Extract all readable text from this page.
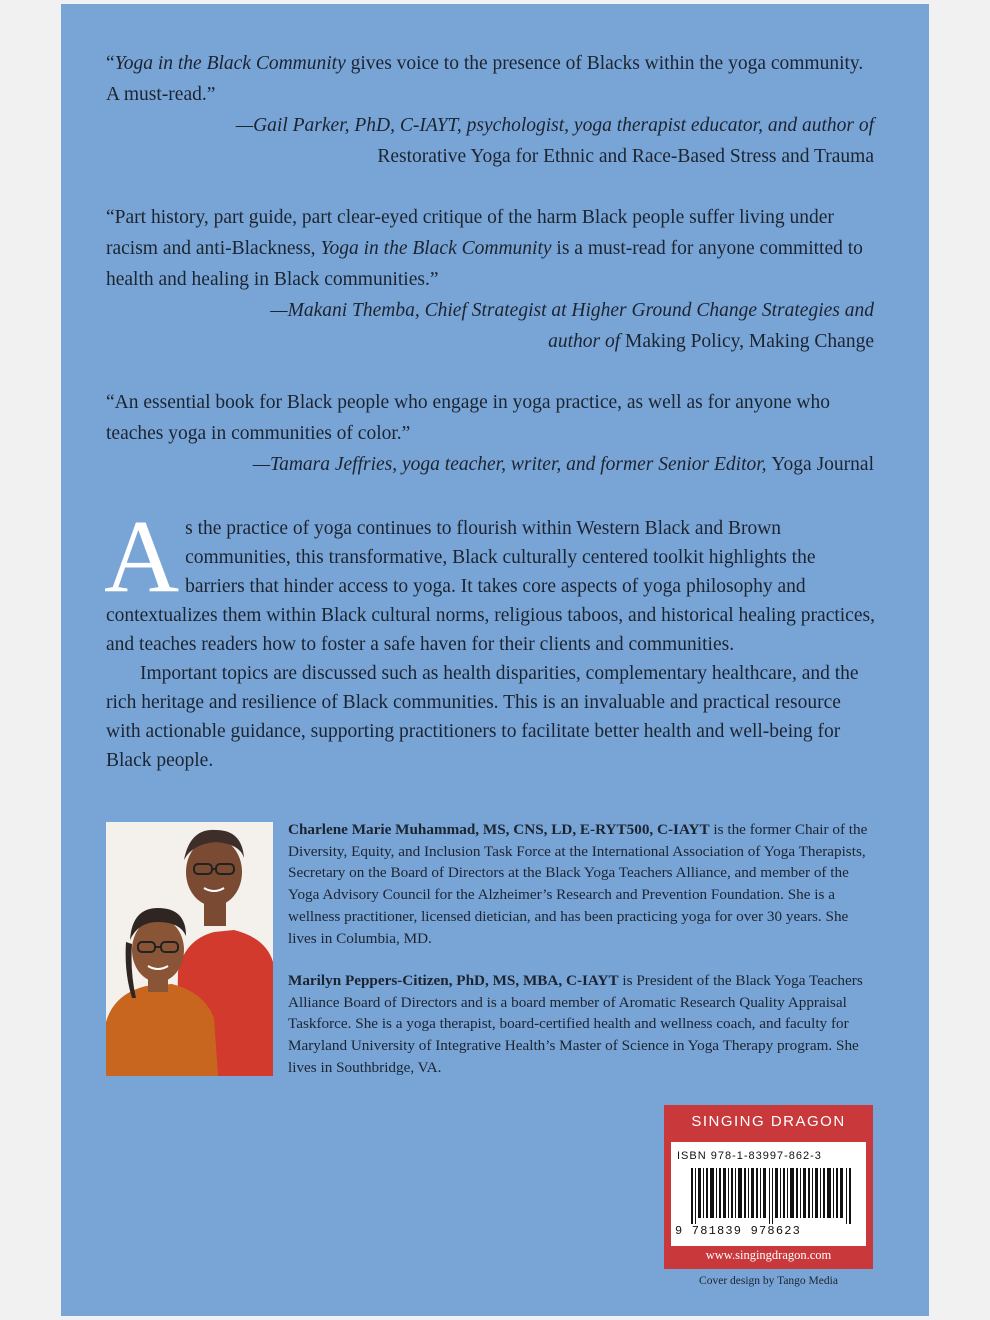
“Yoga in the Black Community gives voice to the presence of Blacks within the yoga community. A must-read.”

—Gail Parker, PhD, C-IAYT, psychologist, yoga therapist educator, and author of

Restorative Yoga for Ethnic and Race-Based Stress and Trauma

“Part history, part guide, part clear-eyed critique of the harm Black people suffer living under racism and anti-Blackness, Yoga in the Black Community is a must-read for anyone committed to health and healing in Black communities.”

—Makani Themba, Chief Strategist at Higher Ground Change Strategies and

author of Making Policy, Making Change

“An essential book for Black people who engage in yoga practice, as well as for anyone who teaches yoga in communities of color.”

—Tamara Jeffries, yoga teacher, writer, and former Senior Editor, Yoga Journal

As the practice of yoga continues to flourish within Western Black and Brown communities, this transformative, Black culturally centered toolkit highlights the barriers that hinder access to yoga. It takes core aspects of yoga philosophy and contextualizes them within Black cultural norms, religious taboos, and historical healing practices, and teaches readers how to foster a safe haven for their clients and communities.

Important topics are discussed such as health disparities, complementary healthcare, and the rich heritage and resilience of Black communities. This is an invaluable and practical resource with actionable guidance, supporting practitioners to facilitate better health and well-being for Black people.

Charlene Marie Muhammad, MS, CNS, LD, E-RYT500, C-IAYT is the former Chair of the Diversity, Equity, and Inclusion Task Force at the International Association of Yoga Therapists, Secretary on the Board of Directors at the Black Yoga Teachers Alliance, and member of the Yoga Advisory Council for the Alzheimer’s Research and Prevention Foundation. She is a wellness practitioner, licensed dietician, and has been practicing yoga for over 30 years. She lives in Columbia, MD.

Marilyn Peppers-Citizen, PhD, MS, MBA, C-IAYT is President of the Black Yoga Teachers Alliance Board of Directors and is a board member of Aromatic Research Quality Appraisal Taskforce. She is a yoga therapist, board-certified health and wellness coach, and faculty for Maryland University of Integrative Health’s Master of Science in Yoga Therapy program. She lives in Southbridge, VA.

SINGING DRAGON
ISBN 978-1-83997-862-3
9 781839 978623
www.singingdragon.com
Cover design by Tango Media
